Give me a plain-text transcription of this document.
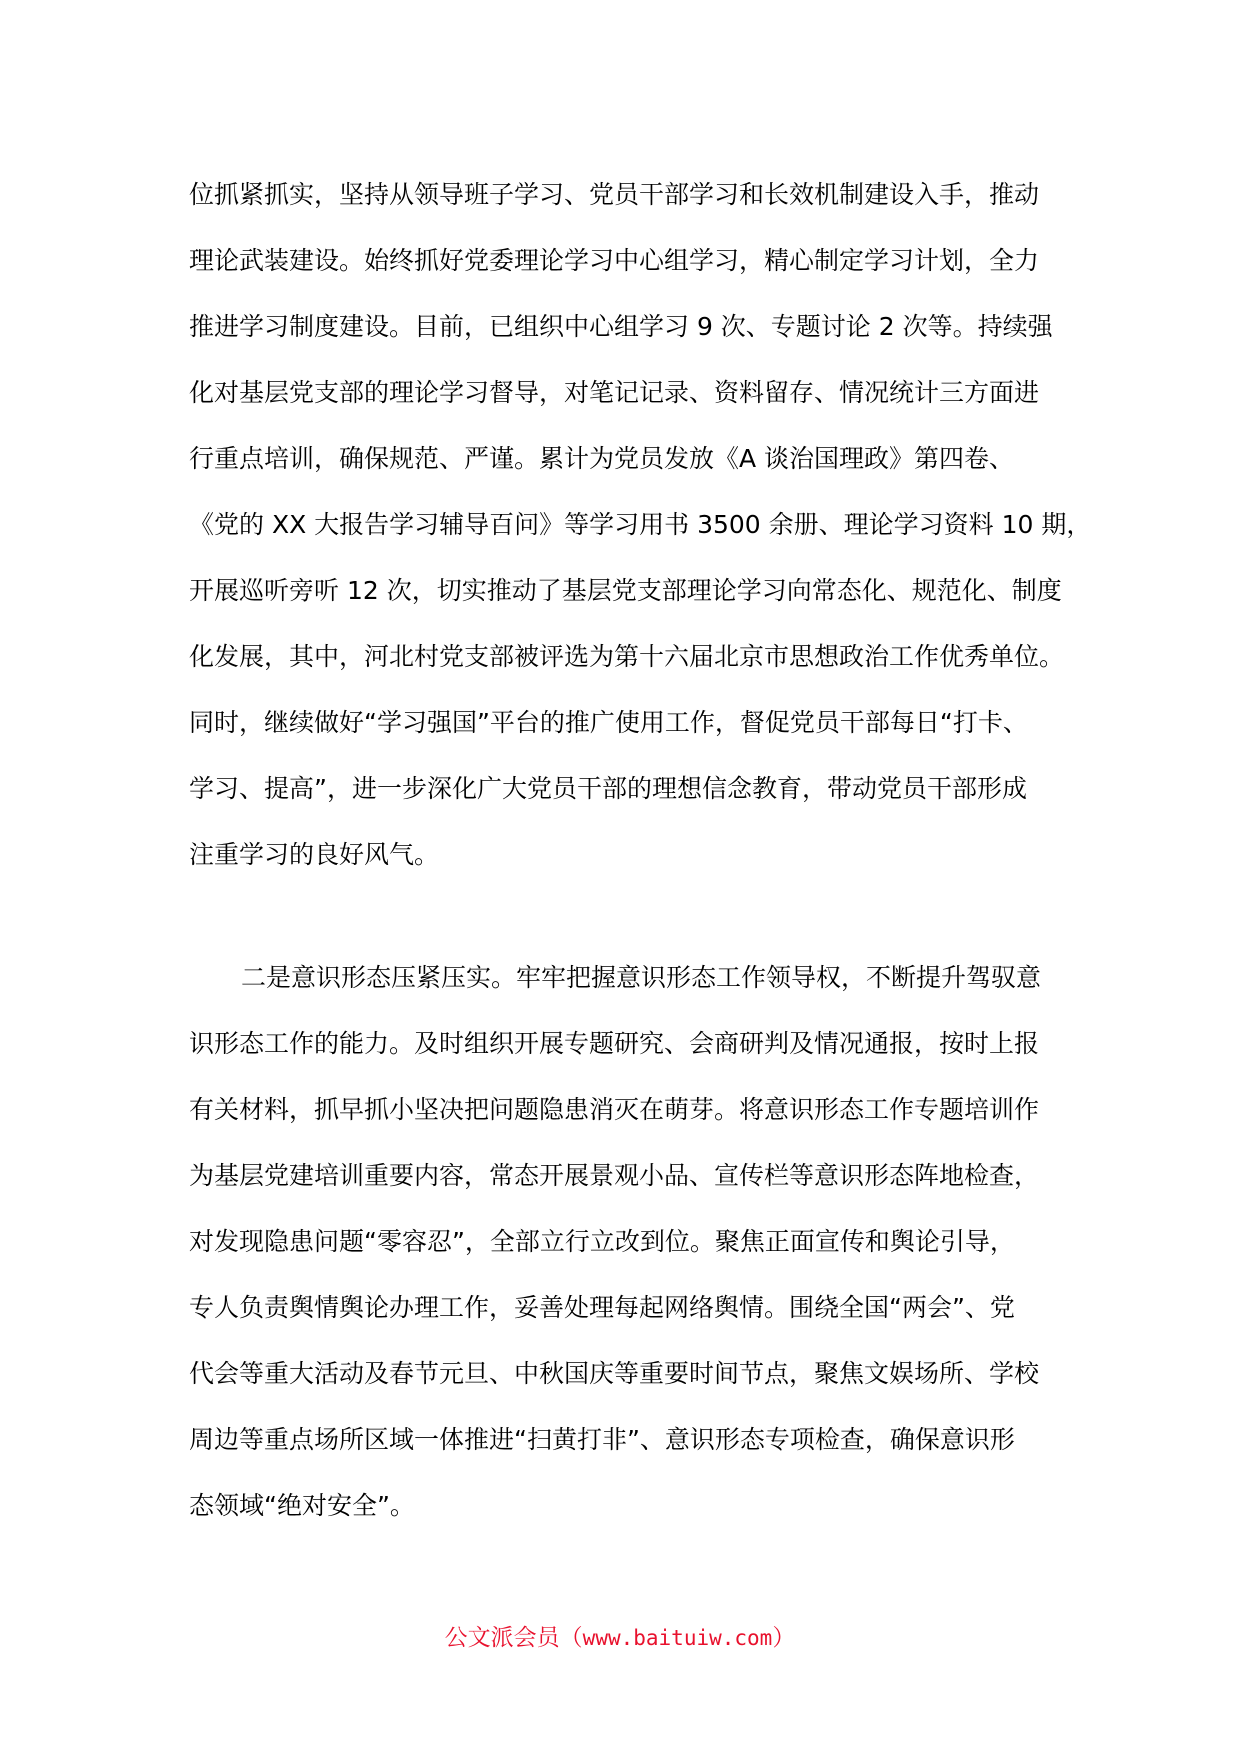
位抓紧抓实，坚持从领导班子学习、党员干部学习和长效机制建设入手，推动
理论武装建设。始终抓好党委理论学习中心组学习，精心制定学习计划，全力
推进学习制度建设。目前，已组织中心组学习 9 次、专题讨论 2 次等。持续强
化对基层党支部的理论学习督导，对笔记记录、资料留存、情况统计三方面进
行重点培训，确保规范、严谨。累计为党员发放《A 谈治国理政》第四卷、
《党的 XX 大报告学习辅导百问》等学习用书 3500 余册、理论学习资料 10 期，
开展巡听旁听 12 次，切实推动了基层党支部理论学习向常态化、规范化、制度
化发展，其中，河北村党支部被评选为第十六届北京市思想政治工作优秀单位。
同时，继续做好“学习强国”平台的推广使用工作，督促党员干部每日“打卡、
学习、提高”，进一步深化广大党员干部的理想信念教育，带动党员干部形成
注重学习的良好风气。
二是意识形态压紧压实。牢牢把握意识形态工作领导权，不断提升驾驭意
识形态工作的能力。及时组织开展专题研究、会商研判及情况通报，按时上报
有关材料，抓早抓小坚决把问题隐患消灭在萌芽。将意识形态工作专题培训作
为基层党建培训重要内容，常态开展景观小品、宣传栏等意识形态阵地检查，
对发现隐患问题“零容忍”，全部立行立改到位。聚焦正面宣传和舆论引导，
专人负责舆情舆论办理工作，妥善处理每起网络舆情。围绕全国“两会”、党
代会等重大活动及春节元旦、中秋国庆等重要时间节点，聚焦文娱场所、学校
周边等重点场所区域一体推进“扫黄打非”、意识形态专项检查，确保意识形
态领域“绝对安全”。
公文派会员（www.baituiw.com）
